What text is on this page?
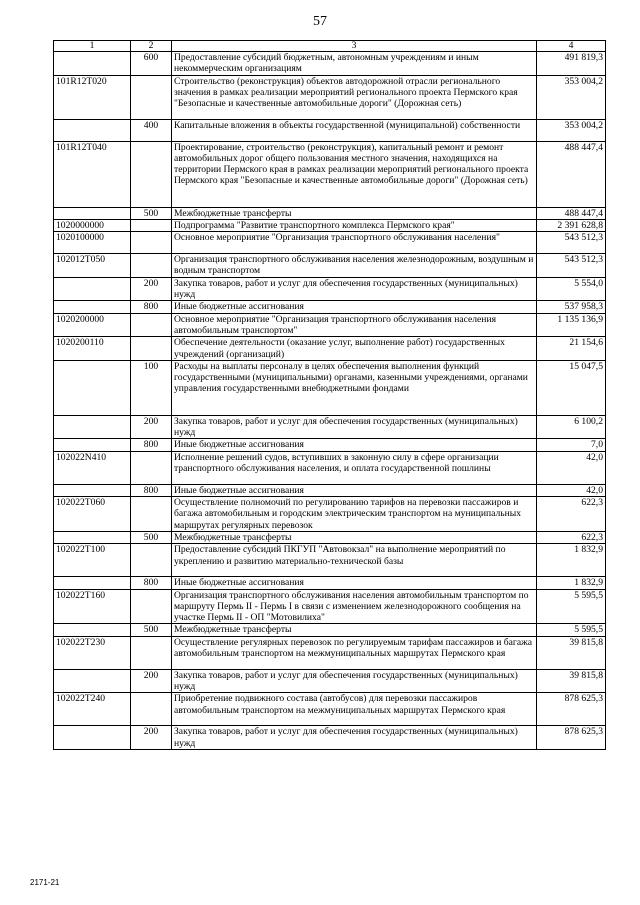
57
1	2	3	4
	600	Предоставление субсидий бюджетным, автономным учреждениям и иным некоммерческим организациям	491 819,3
101R12T020		Строительство (реконструкция) объектов автодорожной отрасли регионального значения в рамках реализации мероприятий регионального проекта Пермского края "Безопасные и качественные автомобильные дороги" (Дорожная сеть)	353 004,2
	400	Капитальные вложения в объекты государственной (муниципальной) собственности	353 004,2
101R12T040		Проектирование, строительство (реконструкция), капитальный ремонт и ремонт автомобильных дорог общего пользования местного значения, находящихся на территории Пермского края в рамках реализации мероприятий регионального проекта Пермского края "Безопасные и качественные автомобильные дороги" (Дорожная сеть)	488 447,4
	500	Межбюджетные трансферты	488 447,4
1020000000		Подпрограмма "Развитие транспортного комплекса Пермского края"	2 391 628,8
1020100000		Основное мероприятие "Организация транспортного обслуживания населения"	543 512,3
102012T050		Организация транспортного обслуживания населения железнодорожным, воздушным и водным транспортом	543 512,3
	200	Закупка товаров, работ и услуг для обеспечения государственных (муниципальных) нужд	5 554,0
	800	Иные бюджетные ассигнования	537 958,3
1020200000		Основное мероприятие "Организация транспортного обслуживания населения автомобильным транспортом"	1 135 136,9
1020200110		Обеспечение деятельности (оказание услуг, выполнение работ) государственных учреждений (организаций)	21 154,6
	100	Расходы на выплаты персоналу в целях обеспечения выполнения функций государственными (муниципальными) органами, казенными учреждениями, органами управления государственными внебюджетными фондами	15 047,5
	200	Закупка товаров, работ и услуг для обеспечения государственных (муниципальных) нужд	6 100,2
	800	Иные бюджетные ассигнования	7,0
102022N410		Исполнение решений судов, вступивших в законную силу в сфере организации транспортного обслуживания населения, и оплата государственной пошлины	42,0
	800	Иные бюджетные ассигнования	42,0
102022T060		Осуществление полномочий по регулированию тарифов на перевозки пассажиров и багажа автомобильным и городским электрическим транспортом на муниципальных маршрутах регулярных перевозок	622,3
	500	Межбюджетные трансферты	622,3
102022T100		Предоставление субсидий ПКГУП "Автовокзал" на выполнение мероприятий по укреплению и развитию материально-технической базы	1 832,9
	800	Иные бюджетные ассигнования	1 832,9
102022T160		Организация транспортного обслуживания населения автомобильным транспортом по маршруту Пермь II - Пермь I в связи с изменением железнодорожного сообщения на участке Пермь II - ОП "Мотовилиха"	5 595,5
	500	Межбюджетные трансферты	5 595,5
102022T230		Осуществление регулярных перевозок по регулируемым тарифам пассажиров и багажа автомобильным транспортом на межмуниципальных маршрутах Пермского края	39 815,8
	200	Закупка товаров, работ и услуг для обеспечения государственных (муниципальных) нужд	39 815,8
102022T240		Приобретение подвижного состава (автобусов) для перевозки пассажиров автомобильным транспортом на межмуниципальных маршрутах Пермского края	878 625,3
	200	Закупка товаров, работ и услуг для обеспечения государственных (муниципальных) нужд	878 625,3
2171-21
